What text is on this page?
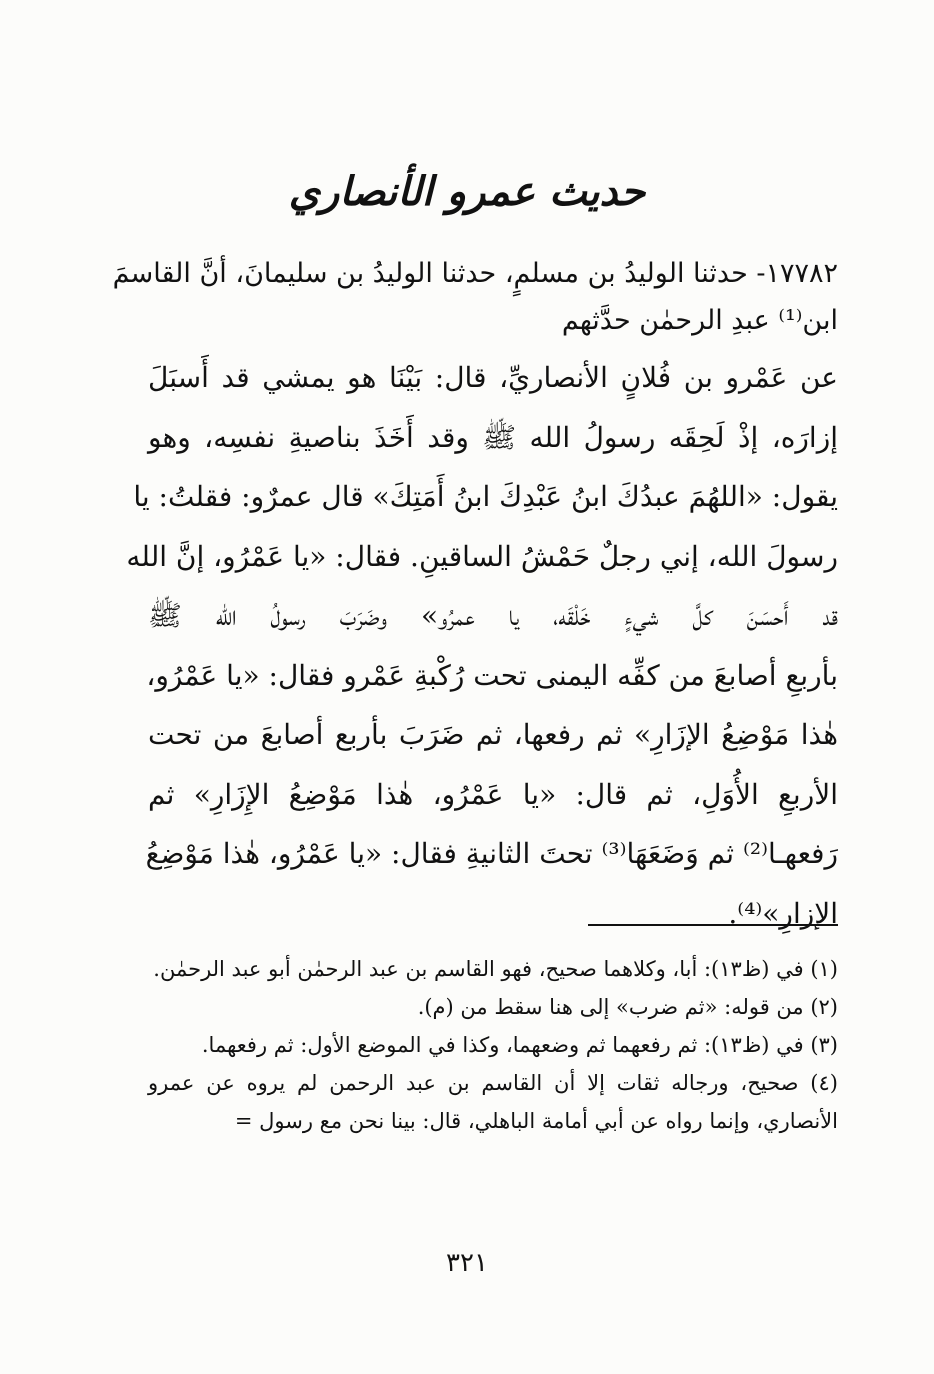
حديث عمرو الأنصاري
١٧٧٨٢- حدثنا الوليدُ بن مسلمٍ، حدثنا الوليدُ بن سليمانَ، أنَّ القاسمَ
ابن⁽¹⁾ عبدِ الرحمٰن حدَّثهم
عن عَمْرو بن فُلانٍ الأنصاريِّ، قال: بَيْنَا هو يمشي قد أَسبَلَ
إزارَه، إذْ لَحِقَه رسولُ الله ﷺ وقد أَخَذَ بناصيةِ نفسِه، وهو
يقول: «اللهُمَ عبدُكَ ابنُ عَبْدِكَ ابنُ أَمَتِكَ» قال عمرٌو: فقلتُ: يا
رسولَ الله، إني رجلٌ حَمْشُ الساقينِ. فقال: «يا عَمْرُو، إنَّ الله
قد أَحسَنَ كلَّ شيءٍ خَلْقَه، يا عمرُو» وضَرَبَ رسولُ الله ﷺ
بأربعِ أصابعَ من كفِّه اليمنى تحت رُكْبةِ عَمْرو فقال: «يا عَمْرُو،
هٰذا مَوْضِعُ الإزَارِ» ثم رفعها، ثم ضَرَبَ بأربع أصابعَ من تحت
الأربعِ الأُوَلِ، ثم قال: «يا عَمْرُو، هٰذا مَوْضِعُ الإِزَارِ» ثم
رَفعهـا⁽²⁾ ثم وَضَعَهَا⁽³⁾ تحتَ الثانيةِ فقال: «يا عَمْرُو، هٰذا مَوْضِعُ
الإزارِ»⁽⁴⁾.
(١) في (ظ١٣): أبا، وكلاهما صحيح، فهو القاسم بن عبد الرحمٰن أبو عبد الرحمٰن.
(٢) من قوله: «ثم ضرب» إلى هنا سقط من (م).
(٣) في (ظ١٣): ثم رفعهما ثم وضعهما، وكذا في الموضع الأول: ثم رفعهما.
(٤) صحيح، ورجاله ثقات إلا أن القاسم بن عبد الرحمن لم يروه عن عمرو الأنصاري، وإنما رواه عن أبي أمامة الباهلي، قال: بينا نحن مع رسول =
٣٢١
